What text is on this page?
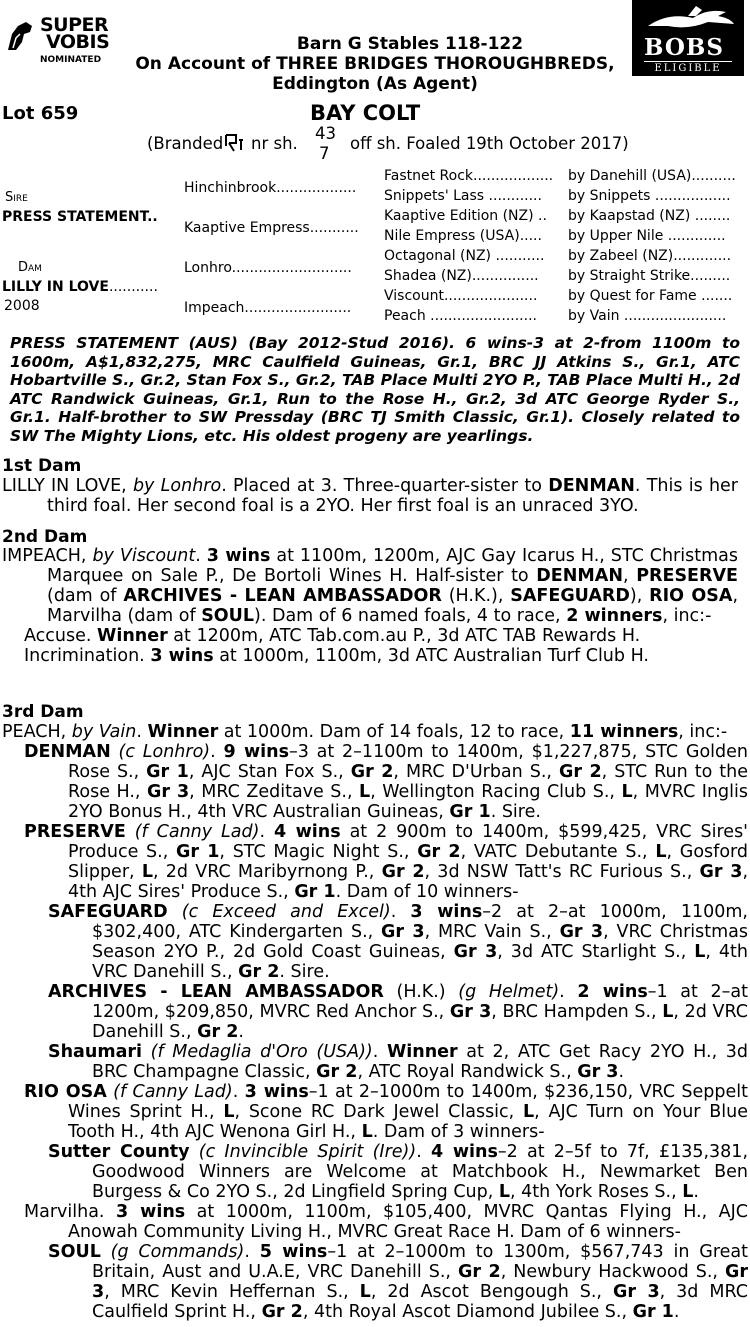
SUPER
VOBIS
NOMINATED	BOBS
ELIGIBLE
Barn G Stables 118-122
On Account of THREE BRIDGES THOROUGHBREDS,
Eddington (As Agent)
Lot 659	BAY COLT
(Branded nr sh.
43
7
off sh. Foaled 19th October 2017)
Sire
PRESS STATEMENT..
Dam
LILLY IN LOVE...........
2008
Hinchinbrook..................
Kaaptive Empress...........
Lonhro...........................
Impeach........................
Fastnet Rock.................. by Danehill (USA)..........
Snippets' Lass ............ by Snippets .................
Kaaptive Edition (NZ) .. by Kaapstad (NZ) ........
Nile Empress (USA)..... by Upper Nile .............
Octagonal (NZ) ........... by Zabeel (NZ).............
Shadea (NZ)............... by Straight Strike.........
Viscount..................... by Quest for Fame .......
Peach ........................ by Vain .......................
PRESS STATEMENT (AUS) (Bay 2012-Stud 2016). 6 wins-3 at 2-from 1100m to 1600m, A$1,832,275, MRC Caulfield Guineas, Gr.1, BRC JJ Atkins S., Gr.1, ATC Hobartville S., Gr.2, Stan Fox S., Gr.2, TAB Place Multi 2YO P., TAB Place Multi H., 2d ATC Randwick Guineas, Gr.1, Run to the Rose H., Gr.2, 3d ATC George Ryder S., Gr.1. Half-brother to SW Pressday (BRC TJ Smith Classic, Gr.1). Closely related to SW The Mighty Lions, etc. His oldest progeny are yearlings.
1st Dam
LILLY IN LOVE, by Lonhro. Placed at 3. Three-quarter-sister to DENMAN. This is her third foal. Her second foal is a 2YO. Her first foal is an unraced 3YO.
2nd Dam
IMPEACH, by Viscount. 3 wins at 1100m, 1200m, AJC Gay Icarus H., STC Christmas Marquee on Sale P., De Bortoli Wines H. Half-sister to DENMAN, PRESERVE (dam of ARCHIVES - LEAN AMBASSADOR (H.K.), SAFEGUARD), RIO OSA, Marvilha (dam of SOUL). Dam of 6 named foals, 4 to race, 2 winners, inc:-
Accuse. Winner at 1200m, ATC Tab.com.au P., 3d ATC TAB Rewards H.
Incrimination. 3 wins at 1000m, 1100m, 3d ATC Australian Turf Club H.
3rd Dam
PEACH, by Vain. Winner at 1000m. Dam of 14 foals, 12 to race, 11 winners, inc:-
DENMAN (c Lonhro). 9 wins–3 at 2–1100m to 1400m, $1,227,875, STC Golden Rose S., Gr 1, AJC Stan Fox S., Gr 2, MRC D'Urban S., Gr 2, STC Run to the Rose H., Gr 3, MRC Zeditave S., L, Wellington Racing Club S., L, MVRC Inglis 2YO Bonus H., 4th VRC Australian Guineas, Gr 1. Sire.
PRESERVE (f Canny Lad). 4 wins at 2 900m to 1400m, $599,425, VRC Sires' Produce S., Gr 1, STC Magic Night S., Gr 2, VATC Debutante S., L, Gosford Slipper, L, 2d VRC Maribyrnong P., Gr 2, 3d NSW Tatt's RC Furious S., Gr 3, 4th AJC Sires' Produce S., Gr 1. Dam of 10 winners-
SAFEGUARD (c Exceed and Excel). 3 wins–2 at 2–at 1000m, 1100m, $302,400, ATC Kindergarten S., Gr 3, MRC Vain S., Gr 3, VRC Christmas Season 2YO P., 2d Gold Coast Guineas, Gr 3, 3d ATC Starlight S., L, 4th VRC Danehill S., Gr 2. Sire.
ARCHIVES - LEAN AMBASSADOR (H.K.) (g Helmet). 2 wins–1 at 2–at 1200m, $209,850, MVRC Red Anchor S., Gr 3, BRC Hampden S., L, 2d VRC Danehill S., Gr 2.
Shaumari (f Medaglia d'Oro (USA)). Winner at 2, ATC Get Racy 2YO H., 3d BRC Champagne Classic, Gr 2, ATC Royal Randwick S., Gr 3.
RIO OSA (f Canny Lad). 3 wins–1 at 2–1000m to 1400m, $236,150, VRC Seppelt Wines Sprint H., L, Scone RC Dark Jewel Classic, L, AJC Turn on Your Blue Tooth H., 4th AJC Wenona Girl H., L. Dam of 3 winners-
Sutter County (c Invincible Spirit (Ire)). 4 wins–2 at 2–5f to 7f, £135,381, Goodwood Winners are Welcome at Matchbook H., Newmarket Ben Burgess & Co 2YO S., 2d Lingfield Spring Cup, L, 4th York Roses S., L.
Marvilha. 3 wins at 1000m, 1100m, $105,400, MVRC Qantas Flying H., AJC Anowah Community Living H., MVRC Great Race H. Dam of 6 winners-
SOUL (g Commands). 5 wins–1 at 2–1000m to 1300m, $567,743 in Great Britain, Aust and U.A.E, VRC Danehill S., Gr 2, Newbury Hackwood S., Gr 3, MRC Kevin Heffernan S., L, 2d Ascot Bengough S., Gr 3, 3d MRC Caulfield Sprint H., Gr 2, 4th Royal Ascot Diamond Jubilee S., Gr 1.
